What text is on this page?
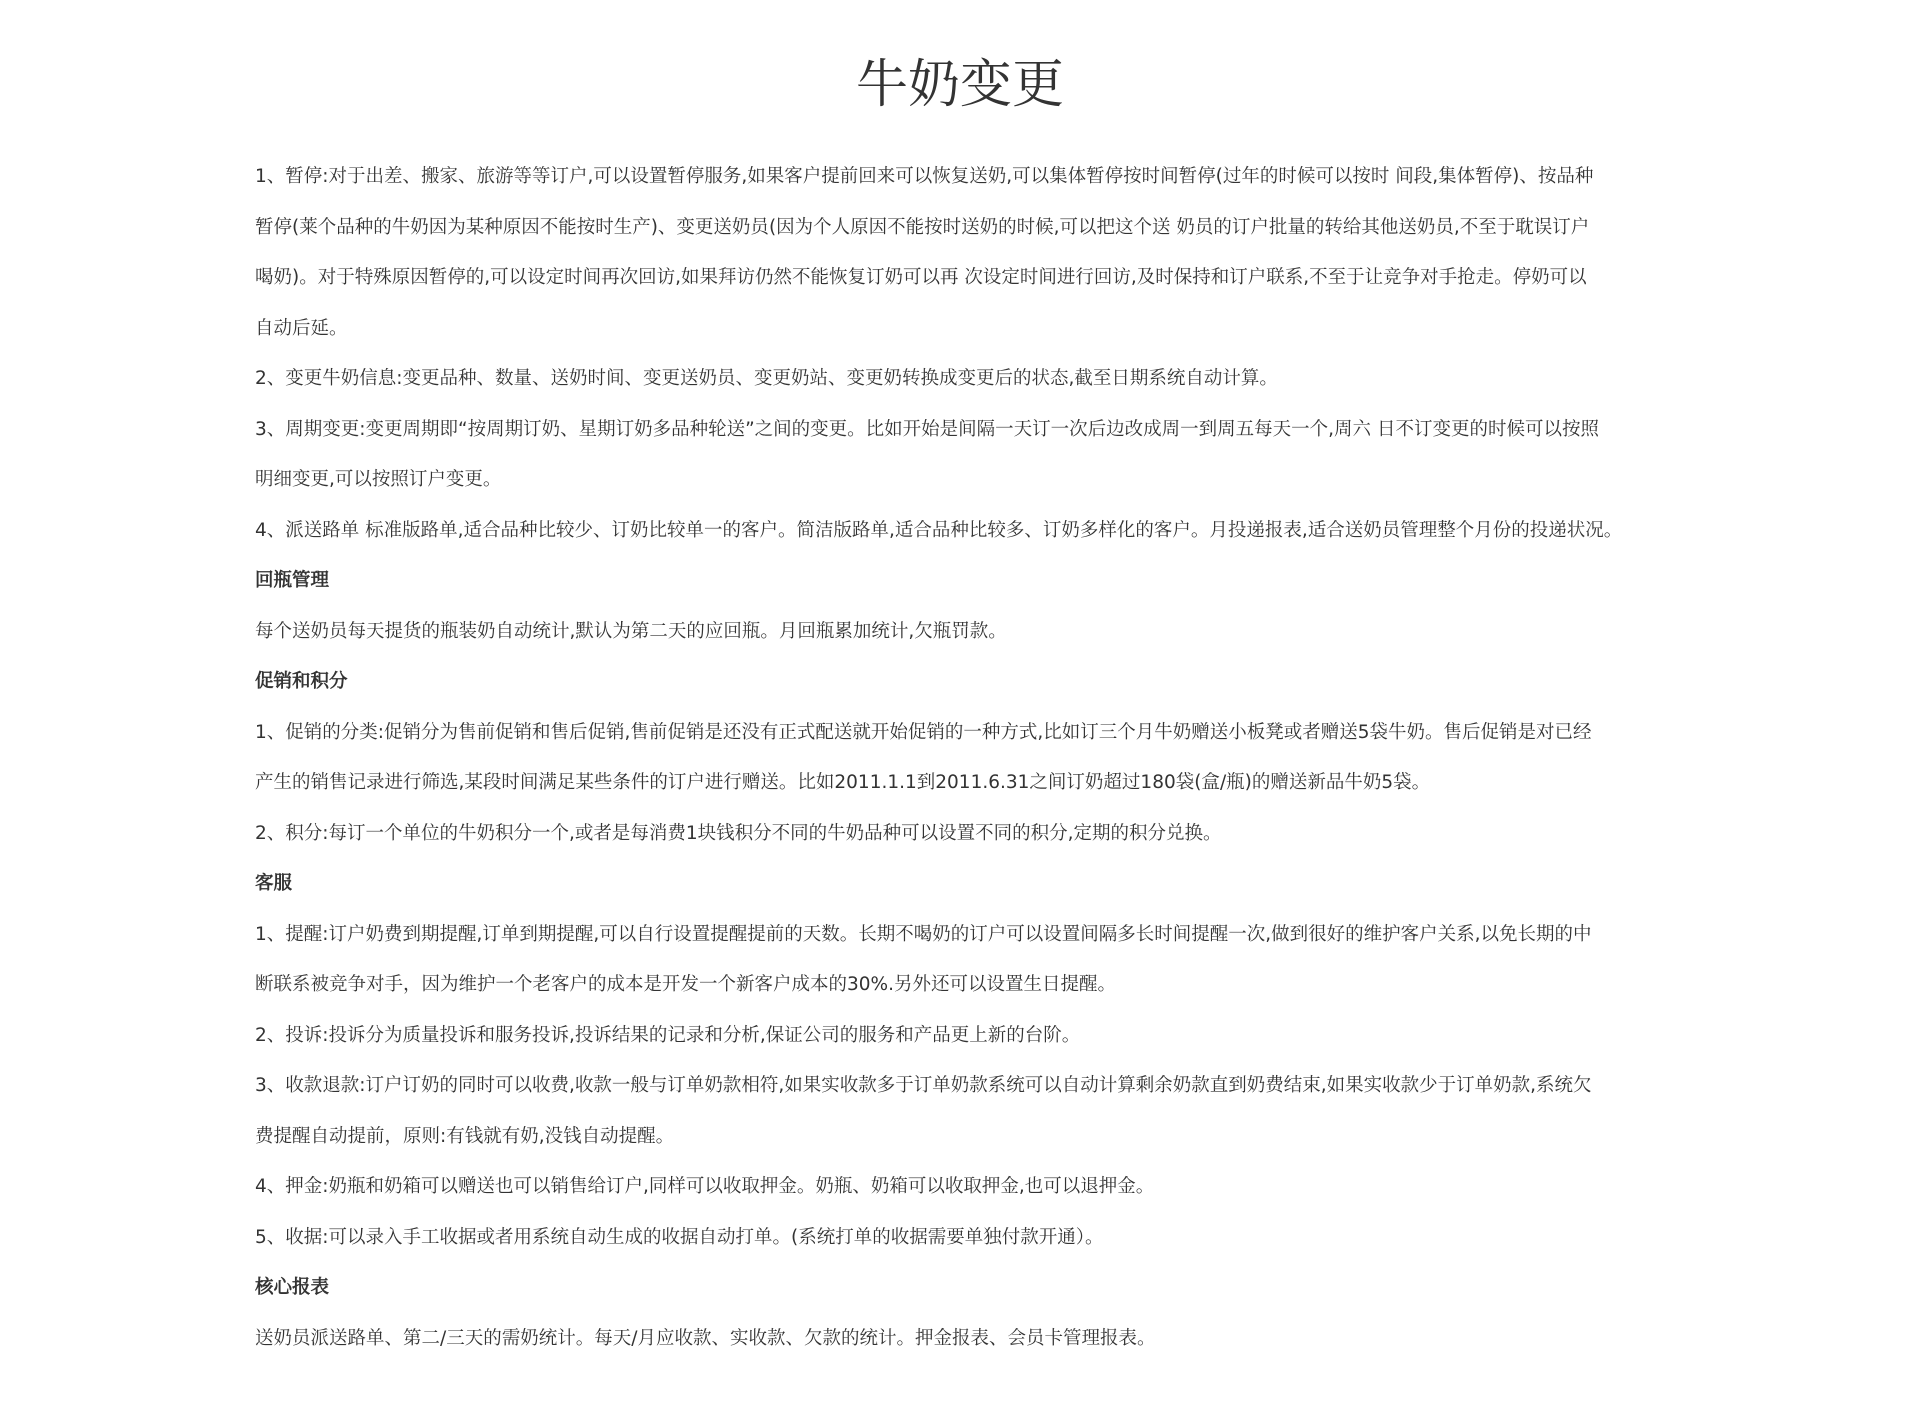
牛奶变更
1、暂停:对于出差、搬家、旅游等等订户,可以设置暂停服务,如果客户提前回来可以恢复送奶,可以集体暂停按时间暂停(过年的时候可以按时 间段,集体暂停)、按品种
暂停(莱个品种的牛奶因为某种原因不能按时生产)、变更送奶员(因为个人原因不能按时送奶的时候,可以把这个送 奶员的订户批量的转给其他送奶员,不至于耽误订户
喝奶)。对于特殊原因暂停的,可以设定时间再次回访,如果拜访仍然不能恢复订奶可以再 次设定时间进行回访,及时保持和订户联系,不至于让竞争对手抢走。停奶可以
自动后延。
2、变更牛奶信息:变更品种、数量、送奶时间、变更送奶员、变更奶站、变更奶转换成变更后的状态,截至日期系统自动计算。
3、周期变更:变更周期即“按周期订奶、星期订奶多品种轮送”之间的变更。比如开始是间隔一天订一次后边改成周一到周五每天一个,周六 日不订变更的时候可以按照
明细变更,可以按照订户变更。
4、派送路单 标准版路单,适合品种比较少、订奶比较单一的客户。简洁版路单,适合品种比较多、订奶多样化的客户。月投递报表,适合送奶员管理整个月份的投递状况。
回瓶管理
每个送奶员每天提货的瓶装奶自动统计,默认为第二天的应回瓶。月回瓶累加统计,欠瓶罚款。
促销和积分
1、促销的分类:促销分为售前促销和售后促销,售前促销是还没有正式配送就开始促销的一种方式,比如订三个月牛奶赠送小板凳或者赠送5袋牛奶。售后促销是对已经
产生的销售记录进行筛选,某段时间满足某些条件的订户进行赠送。比如2011.1.1到2011.6.31之间订奶超过180袋(盒/瓶)的赠送新品牛奶5袋。
2、积分:每订一个单位的牛奶积分一个,或者是每消费1块钱积分不同的牛奶品种可以设置不同的积分,定期的积分兑换。
客服
1、提醒:订户奶费到期提醒,订单到期提醒,可以自行设置提醒提前的天数。长期不喝奶的订户可以设置间隔多长时间提醒一次,做到很好的维护客户关系,以免长期的中
断联系被竞争对手，因为维护一个老客户的成本是开发一个新客户成本的30%.另外还可以设置生日提醒。
2、投诉:投诉分为质量投诉和服务投诉,投诉结果的记录和分析,保证公司的服务和产品更上新的台阶。
3、收款退款:订户订奶的同时可以收费,收款一般与订单奶款相符,如果实收款多于订单奶款系统可以自动计算剩余奶款直到奶费结束,如果实收款少于订单奶款,系统欠
费提醒自动提前，原则:有钱就有奶,没钱自动提醒。
4、押金:奶瓶和奶箱可以赠送也可以销售给订户,同样可以收取押金。奶瓶、奶箱可以收取押金,也可以退押金。
5、收据:可以录入手工收据或者用系统自动生成的收据自动打单。(系统打单的收据需要单独付款开通）。
核心报表
送奶员派送路单、第二/三天的需奶统计。每天/月应收款、实收款、欠款的统计。押金报表、会员卡管理报表。
